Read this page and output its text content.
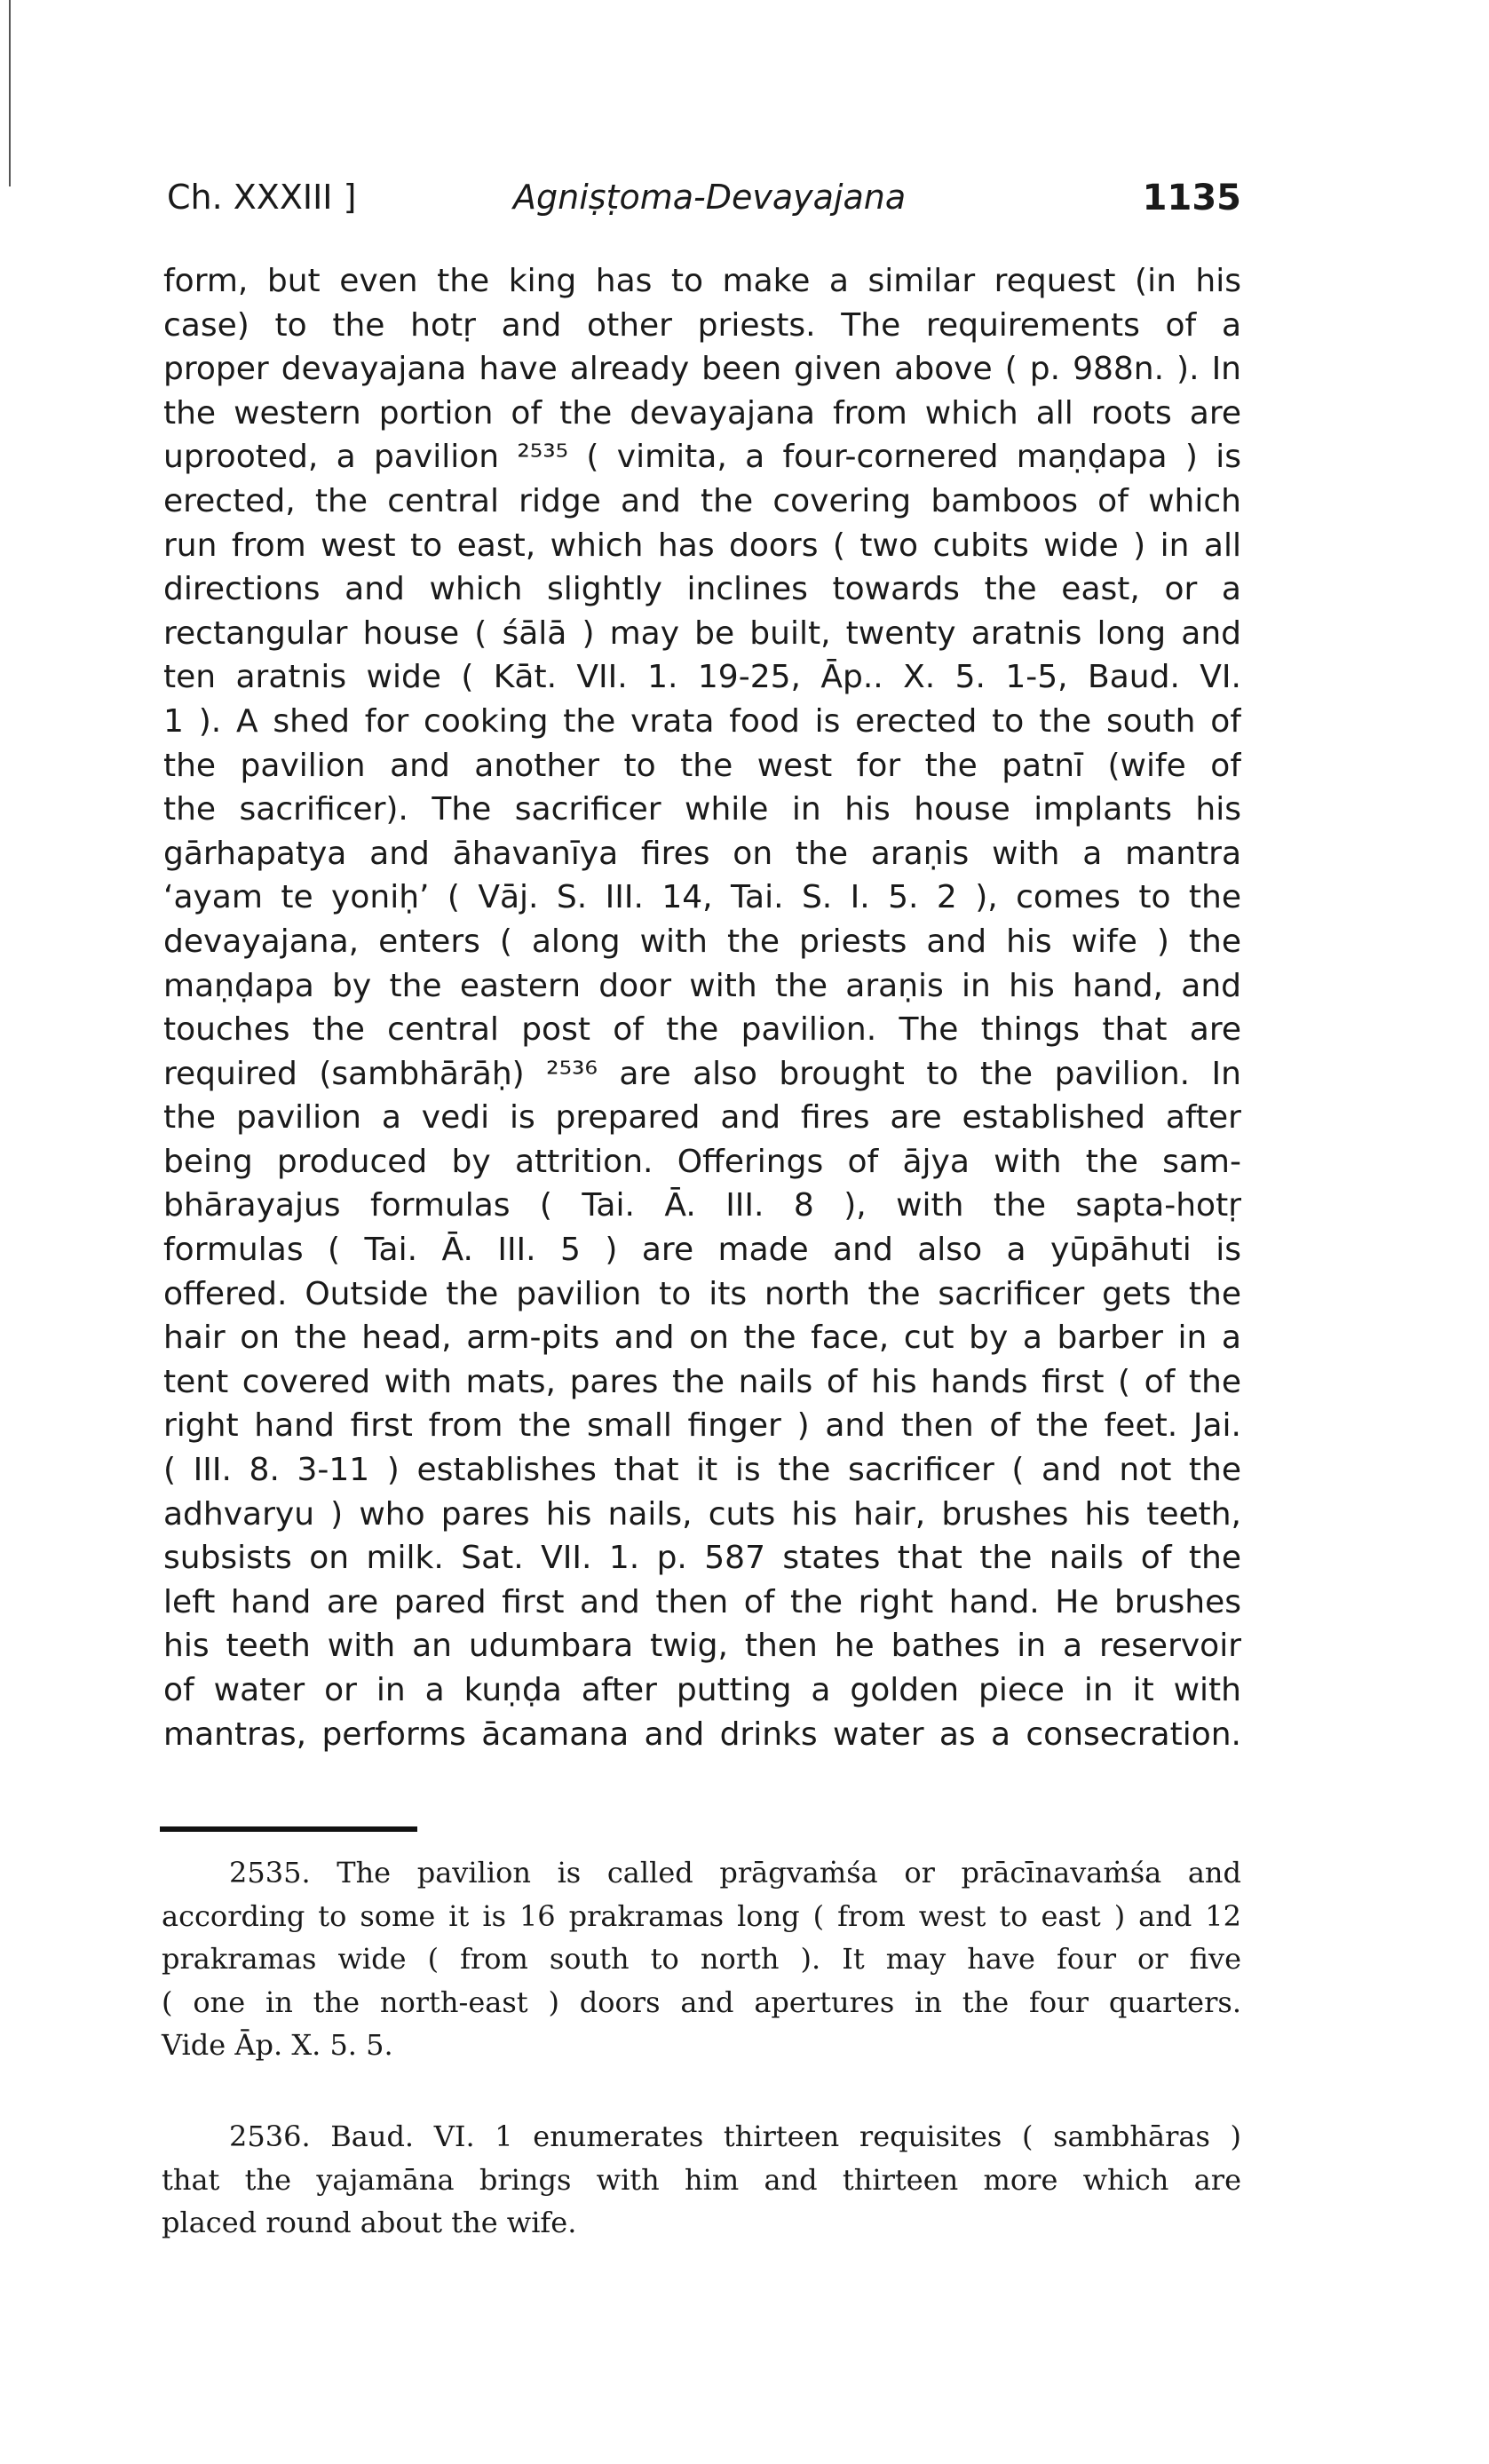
Ch. XXXIII ]	Agniṣṭoma-Devayajana	1135
form, but even the king has to make a similar request (in his
case) to the hotṛ and other priests. The requirements of a
proper devayajana have already been given above ( p. 988n. ). In
the western portion of the devayajana from which all roots are
uprooted, a pavilion ²⁵³⁵ ( vimita, a four-cornered maṇḍapa ) is
erected, the central ridge and the covering bamboos of which
run from west to east, which has doors ( two cubits wide ) in all
directions and which slightly inclines towards the east, or a
rectangular house ( śālā ) may be built, twenty aratnis long and
ten aratnis wide ( Kāt. VII. 1. 19-25, Āp.. X. 5. 1-5, Baud. VI.
1 ). A shed for cooking the vrata food is erected to the south of
the pavilion and another to the west for the patnī (wife of
the sacrificer). The sacrificer while in his house implants his
gārhapatya and āhavanīya fires on the araṇis with a mantra
‘ayam te yoniḥ’ ( Vāj. S. III. 14, Tai. S. I. 5. 2 ), comes to the
devayajana, enters ( along with the priests and his wife ) the
maṇḍapa by the eastern door with the araṇis in his hand, and
touches the central post of the pavilion. The things that are
required (sambhārāḥ) ²⁵³⁶ are also brought to the pavilion. In
the pavilion a vedi is prepared and fires are established after
being produced by attrition. Offerings of ājya with the sam-
bhārayajus formulas ( Tai. Ā. III. 8 ), with the sapta-hotṛ
formulas ( Tai. Ā. III. 5 ) are made and also a yūpāhuti is
offered. Outside the pavilion to its north the sacrificer gets the
hair on the head, arm-pits and on the face, cut by a barber in a
tent covered with mats, pares the nails of his hands first ( of the
right hand first from the small finger ) and then of the feet. Jai.
( III. 8. 3-11 ) establishes that it is the sacrificer ( and not the
adhvaryu ) who pares his nails, cuts his hair, brushes his teeth,
subsists on milk. Sat. VII. 1. p. 587 states that the nails of the
left hand are pared first and then of the right hand. He brushes
his teeth with an udumbara twig, then he bathes in a reservoir
of water or in a kuṇḍa after putting a golden piece in it with
mantras, performs ācamana and drinks water as a consecration.
2535. The pavilion is called prāgvaṁśa or prācīnavaṁśa and
according to some it is 16 prakramas long ( from west to east ) and 12
prakramas wide ( from south to north ). It may have four or five
( one in the north-east ) doors and apertures in the four quarters.
Vide Āp. X. 5. 5.
2536. Baud. VI. 1 enumerates thirteen requisites ( sambhāras )
that the yajamāna brings with him and thirteen more which are
placed round about the wife.
